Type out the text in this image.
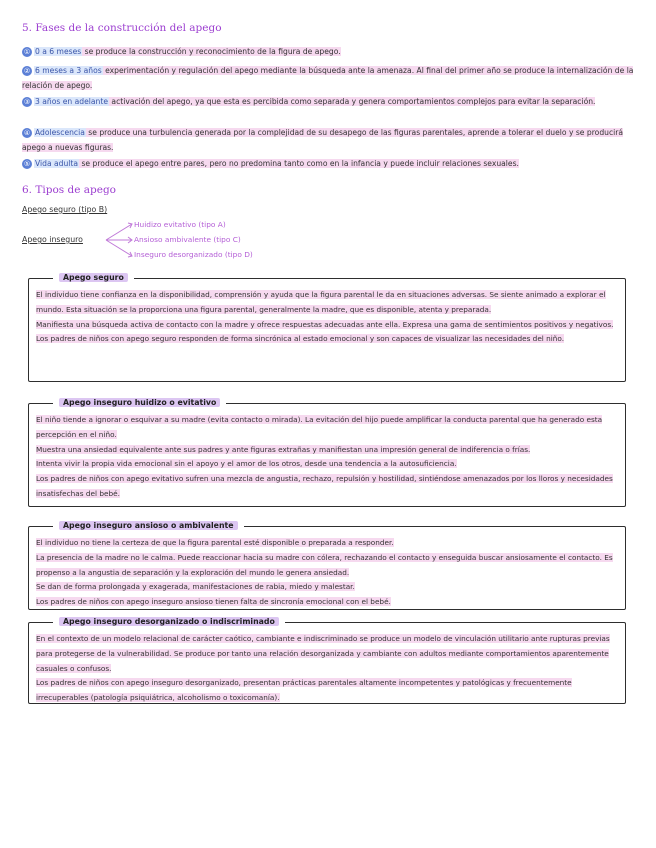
5. Fases de la construcción del apego
① 0 a 6 meses se produce la construcción y reconocimiento de la figura de apego.
② 6 meses a 3 años experimentación y regulación del apego mediante la búsqueda ante la amenaza. Al final del primer año se produce la internalización de la relación de apego.
③ 3 años en adelante activación del apego, ya que esta es percibida como separada y genera comportamientos complejos para evitar la separación.
④ Adolescencia se produce una turbulencia generada por la complejidad de su desapego de las figuras parentales, aprende a tolerar el duelo y se producirá apego a nuevas figuras.
⑤ Vida adulta se produce el apego entre pares, pero no predomina tanto como en la infancia y puede incluir relaciones sexuales.
6. Tipos de apego
Apego seguro (tipo B)
Apego inseguro
Huidizo evitativo (tipo A)
Ansioso ambivalente (tipo C)
Inseguro desorganizado (tipo D)
Apego seguro

El individuo tiene confianza en la disponibilidad, comprensión y ayuda que la figura parental le da en situaciones adversas. Se siente animado a explorar el mundo. Esta situación se la proporciona una figura parental, generalmente la madre, que es disponible, atenta y preparada.

Manifiesta una búsqueda activa de contacto con la madre y ofrece respuestas adecuadas ante ella. Expresa una gama de sentimientos positivos y negativos.

Los padres de niños con apego seguro responden de forma sincrónica al estado emocional y son capaces de visualizar las necesidades del niño.

Apego inseguro huidizo o evitativo

El niño tiende a ignorar o esquivar a su madre (evita contacto o mirada). La evitación del hijo puede amplificar la conducta parental que ha generado esta percepción en el niño.

Muestra una ansiedad equivalente ante sus padres y ante figuras extrañas y manifiestan una impresión general de indiferencia o frías.

Intenta vivir la propia vida emocional sin el apoyo y el amor de los otros, desde una tendencia a la autosuficiencia.

Los padres de niños con apego evitativo sufren una mezcla de angustia, rechazo, repulsión y hostilidad, sintiéndose amenazados por los lloros y necesidades insatisfechas del bebé.

Apego inseguro ansioso o ambivalente

El individuo no tiene la certeza de que la figura parental esté disponible o preparada a responder.

La presencia de la madre no le calma. Puede reaccionar hacia su madre con cólera, rechazando el contacto y enseguida buscar ansiosamente el contacto. Es propenso a la angustia de separación y la exploración del mundo le genera ansiedad.

Se dan de forma prolongada y exagerada, manifestaciones de rabia, miedo y malestar.

Los padres de niños con apego inseguro ansioso tienen falta de sincronía emocional con el bebé.

Apego inseguro desorganizado o indiscriminado

En el contexto de un modelo relacional de carácter caótico, cambiante e indiscriminado se produce un modelo de vinculación utilitario ante rupturas previas para protegerse de la vulnerabilidad. Se produce por tanto una relación desorganizada y cambiante con adultos mediante comportamientos aparentemente casuales o confusos.

Los padres de niños con apego inseguro desorganizado, presentan prácticas parentales altamente incompetentes y patológicas y frecuentemente irrecuperables (patología psiquiátrica, alcoholismo o toxicomanía).
